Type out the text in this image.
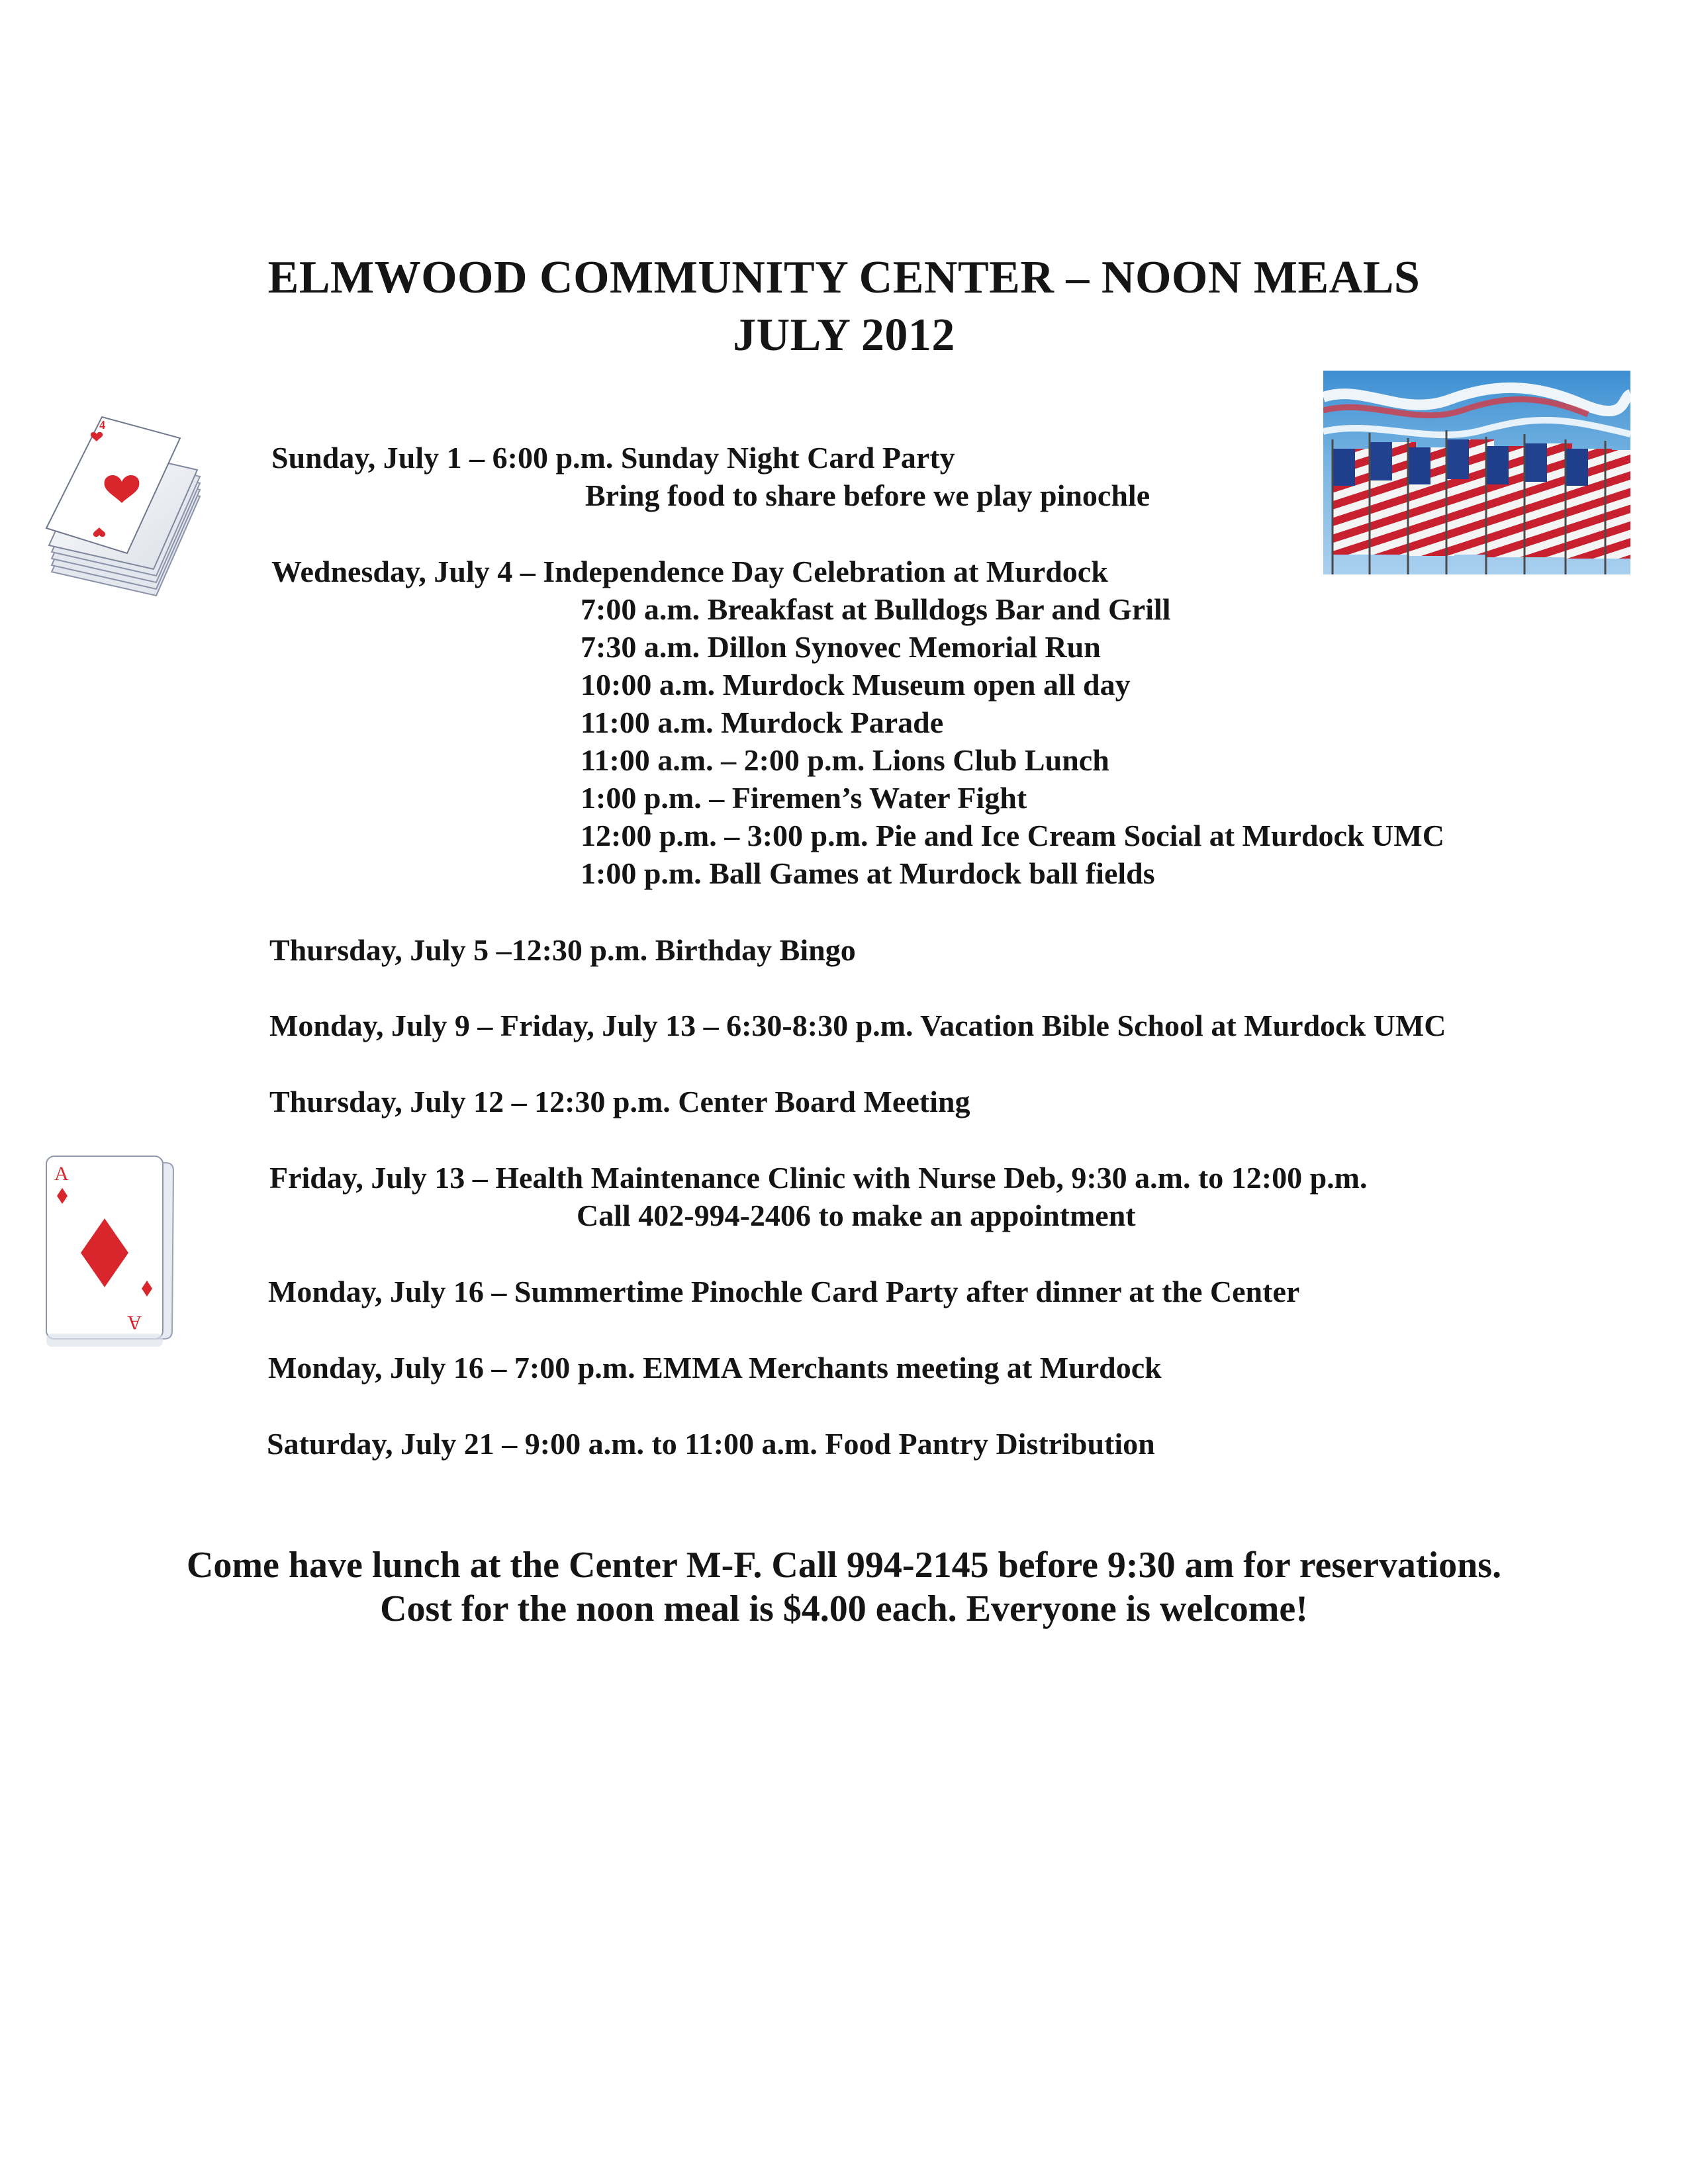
ELMWOOD COMMUNITY CENTER – NOON MEALS
JULY 2012
4
Sunday, July 1 – 6:00 p.m. Sunday Night Card Party
Bring food to share before we play pinochle
Wednesday, July 4 – Independence Day Celebration at Murdock
7:00 a.m. Breakfast at Bulldogs Bar and Grill
7:30 a.m. Dillon Synovec Memorial Run
10:00 a.m. Murdock Museum open all day
11:00 a.m. Murdock Parade
11:00 a.m. – 2:00 p.m. Lions Club Lunch
1:00 p.m. – Firemen’s Water Fight
12:00 p.m. – 3:00 p.m. Pie and Ice Cream Social at Murdock UMC
1:00 p.m. Ball Games at Murdock ball fields
Thursday, July 5 –12:30 p.m. Birthday Bingo
Monday, July 9 – Friday, July 13 – 6:30-8:30 p.m. Vacation Bible School at Murdock UMC
Thursday, July 12 – 12:30 p.m. Center Board Meeting
Friday, July 13 – Health Maintenance Clinic with Nurse Deb, 9:30 a.m. to 12:00 p.m.
Call 402-994-2406 to make an appointment
A
A
Monday, July 16 – Summertime Pinochle Card Party after dinner at the Center
Monday, July 16 – 7:00 p.m. EMMA Merchants meeting at Murdock
Saturday, July 21 – 9:00 a.m. to 11:00 a.m. Food Pantry Distribution
Come have lunch at the Center M-F. Call 994-2145 before 9:30 am for reservations.
Cost for the noon meal is $4.00 each. Everyone is welcome!
